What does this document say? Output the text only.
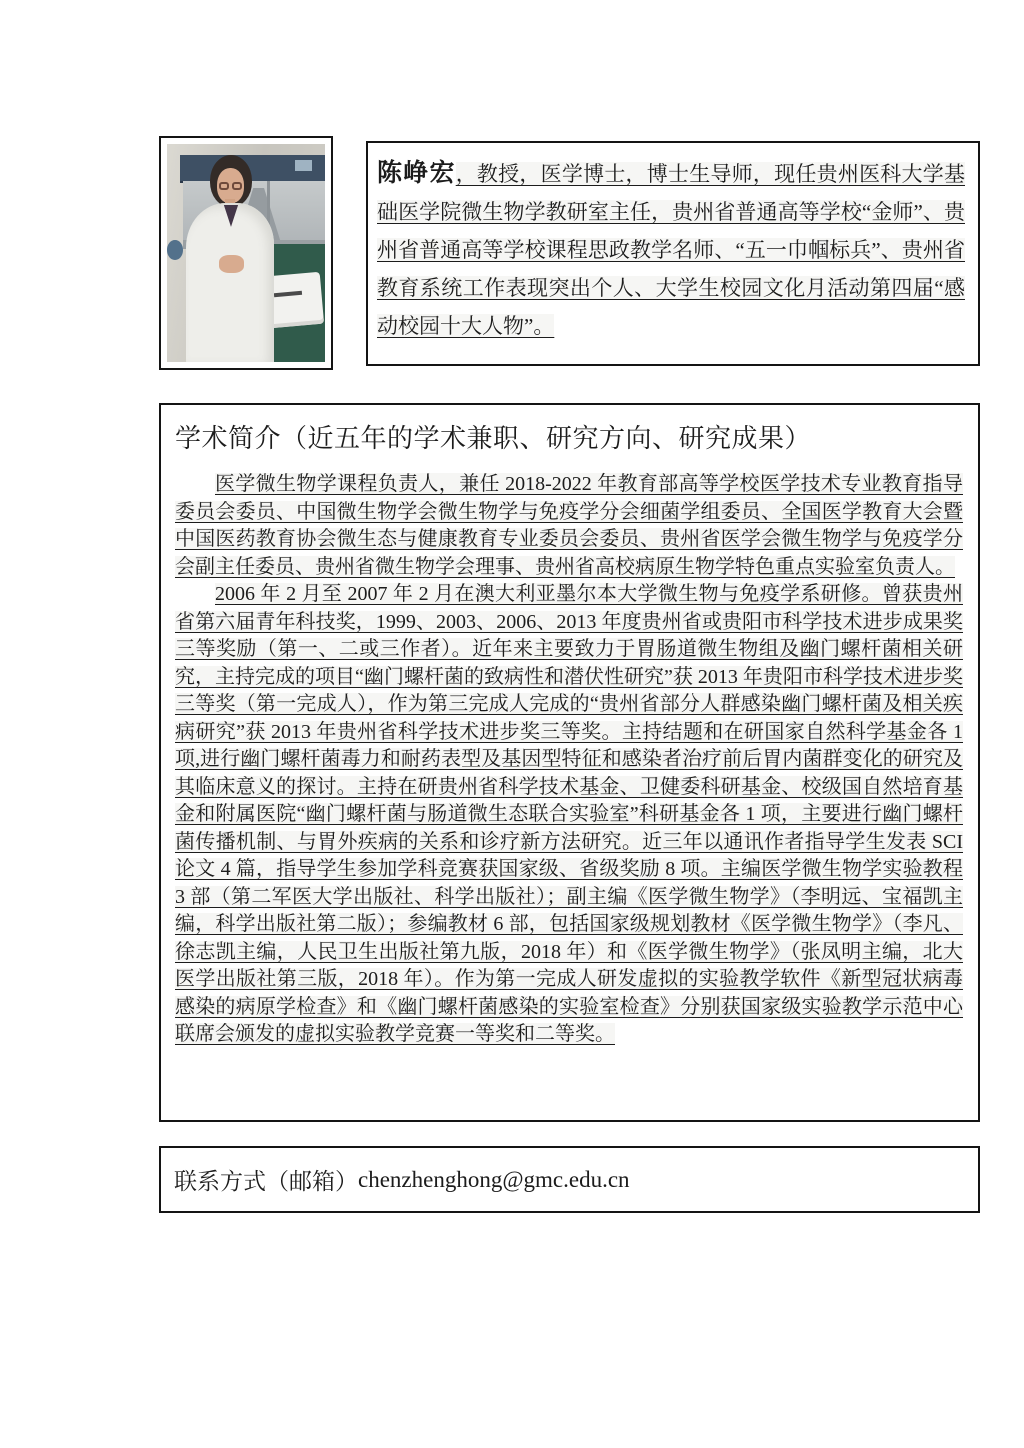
陈峥宏，教授，医学博士，博士生导师，现任贵州医科大学基础医学院微生物学教研室主任，贵州省普通高等学校“金师”、贵州省普通高等学校课程思政教学名师、“五一巾帼标兵”、贵州省教育系统工作表现突出个人、大学生校园文化月活动第四届“感动校园十大人物”。

学术简介（近五年的学术兼职、研究方向、研究成果）

医学微生物学课程负责人，兼任 2018-2022 年教育部高等学校医学技术专业教育指导委员会委员、中国微生物学会微生物学与免疫学分会细菌学组委员、全国医学教育大会暨中国医药教育协会微生态与健康教育专业委员会委员、贵州省医学会微生物学与免疫学分会副主任委员、贵州省微生物学会理事、贵州省高校病原生物学特色重点实验室负责人。

2006 年 2 月至 2007 年 2 月在澳大利亚墨尔本大学微生物与免疫学系研修。曾获贵州省第六届青年科技奖，1999、2003、2006、2013 年度贵州省或贵阳市科学技术进步成果奖三等奖励（第一、二或三作者）。近年来主要致力于胃肠道微生物组及幽门螺杆菌相关研究，主持完成的项目“幽门螺杆菌的致病性和潜伏性研究”获 2013 年贵阳市科学技术进步奖三等奖（第一完成人），作为第三完成人完成的“贵州省部分人群感染幽门螺杆菌及相关疾病研究”获 2013 年贵州省科学技术进步奖三等奖。主持结题和在研国家自然科学基金各 1 项,进行幽门螺杆菌毒力和耐药表型及基因型特征和感染者治疗前后胃内菌群变化的研究及其临床意义的探讨。主持在研贵州省科学技术基金、卫健委科研基金、校级国自然培育基金和附属医院“幽门螺杆菌与肠道微生态联合实验室”科研基金各 1 项，主要进行幽门螺杆菌传播机制、与胃外疾病的关系和诊疗新方法研究。近三年以通讯作者指导学生发表 SCI 论文 4 篇，指导学生参加学科竞赛获国家级、省级奖励 8 项。主编医学微生物学实验教程 3 部（第二军医大学出版社、科学出版社）；副主编《医学微生物学》（李明远、宝福凯主编，科学出版社第二版）；参编教材 6 部，包括国家级规划教材《医学微生物学》（李凡、徐志凯主编，人民卫生出版社第九版，2018 年）和《医学微生物学》（张凤明主编，北大医学出版社第三版，2018 年）。作为第一完成人研发虚拟的实验教学软件《新型冠状病毒感染的病原学检查》和《幽门螺杆菌感染的实验室检查》分别获国家级实验教学示范中心联席会颁发的虚拟实验教学竞赛一等奖和二等奖。

联系方式（邮箱） chenzhenghong@gmc.edu.cn
